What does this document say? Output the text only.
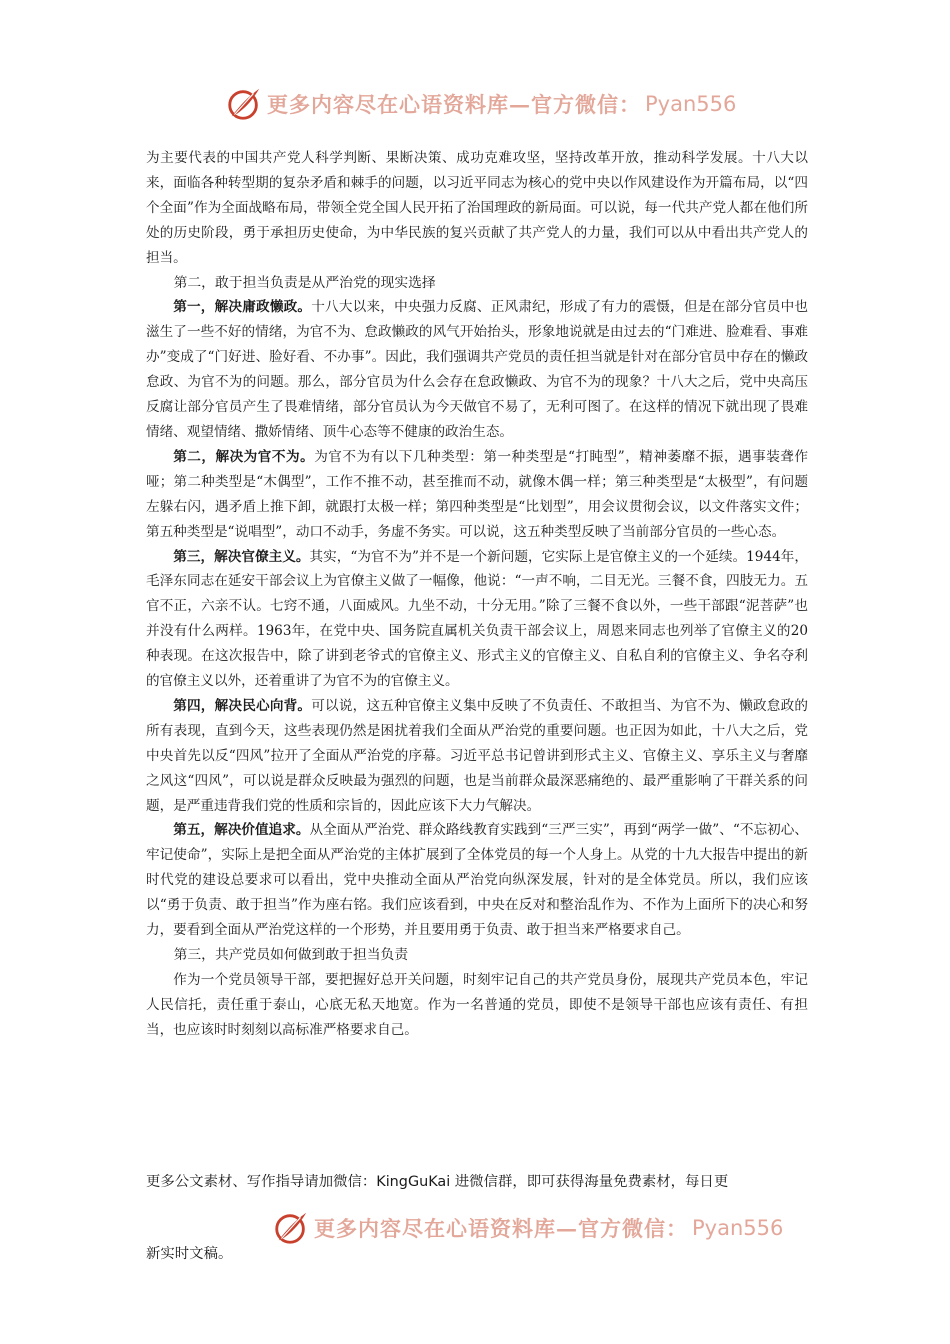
更多内容尽在心语资料库—官方微信： Pyan556

为主要代表的中国共产党人科学判断、果断决策、成功克难攻坚，坚持改革开放，推动科学发展。十八大以来，面临各种转型期的复杂矛盾和棘手的问题，以习近平同志为核心的党中央以作风建设作为开篇布局，以“四个全面”作为全面战略布局，带领全党全国人民开拓了治国理政的新局面。可以说，每一代共产党人都在他们所处的历史阶段，勇于承担历史使命，为中华民族的复兴贡献了共产党人的力量，我们可以从中看出共产党人的担当。

第二，敢于担当负责是从严治党的现实选择

第一，解决庸政懒政。十八大以来，中央强力反腐、正风肃纪，形成了有力的震慑，但是在部分官员中也滋生了一些不好的情绪，为官不为、怠政懒政的风气开始抬头，形象地说就是由过去的“门难进、脸难看、事难办”变成了“门好进、脸好看、不办事”。因此，我们强调共产党员的责任担当就是针对在部分官员中存在的懒政怠政、为官不为的问题。那么，部分官员为什么会存在怠政懒政、为官不为的现象？十八大之后，党中央高压反腐让部分官员产生了畏难情绪，部分官员认为今天做官不易了，无利可图了。在这样的情况下就出现了畏难情绪、观望情绪、撒娇情绪、顶牛心态等不健康的政治生态。

第二，解决为官不为。为官不为有以下几种类型：第一种类型是“打盹型”，精神萎靡不振，遇事装聋作哑；第二种类型是“木偶型”，工作不推不动，甚至推而不动，就像木偶一样；第三种类型是“太极型”，有问题左躲右闪，遇矛盾上推下卸，就跟打太极一样；第四种类型是“比划型”，用会议贯彻会议，以文件落实文件；第五种类型是“说唱型”，动口不动手，务虚不务实。可以说，这五种类型反映了当前部分官员的一些心态。

第三，解决官僚主义。其实，“为官不为”并不是一个新问题，它实际上是官僚主义的一个延续。1944年，毛泽东同志在延安干部会议上为官僚主义做了一幅像，他说：“一声不响，二目无光。三餐不食，四肢无力。五官不正，六亲不认。七窍不通，八面威风。九坐不动，十分无用。”除了三餐不食以外，一些干部跟“泥菩萨”也并没有什么两样。1963年，在党中央、国务院直属机关负责干部会议上，周恩来同志也列举了官僚主义的20种表现。在这次报告中，除了讲到老爷式的官僚主义、形式主义的官僚主义、自私自利的官僚主义、争名夺利的官僚主义以外，还着重讲了为官不为的官僚主义。

第四，解决民心向背。可以说，这五种官僚主义集中反映了不负责任、不敢担当、为官不为、懒政怠政的所有表现，直到今天，这些表现仍然是困扰着我们全面从严治党的重要问题。也正因为如此，十八大之后，党中央首先以反“四风”拉开了全面从严治党的序幕。习近平总书记曾讲到形式主义、官僚主义、享乐主义与奢靡之风这“四风”，可以说是群众反映最为强烈的问题，也是当前群众最深恶痛绝的、最严重影响了干群关系的问题，是严重违背我们党的性质和宗旨的，因此应该下大力气解决。

第五，解决价值追求。从全面从严治党、群众路线教育实践到“三严三实”，再到“两学一做”、“不忘初心、牢记使命”，实际上是把全面从严治党的主体扩展到了全体党员的每一个人身上。从党的十九大报告中提出的新时代党的建设总要求可以看出，党中央推动全面从严治党向纵深发展，针对的是全体党员。所以，我们应该以“勇于负责、敢于担当”作为座右铭。我们应该看到，中央在反对和整治乱作为、不作为上面所下的决心和努力，要看到全面从严治党这样的一个形势，并且要用勇于负责、敢于担当来严格要求自己。

第三，共产党员如何做到敢于担当负责

作为一个党员领导干部，要把握好总开关问题，时刻牢记自己的共产党员身份，展现共产党员本色，牢记人民信托，责任重于泰山，心底无私天地宽。作为一名普通的党员，即使不是领导干部也应该有责任、有担当，也应该时时刻刻以高标准严格要求自己。

更多公文素材、写作指导请加微信：KingGuKai 进微信群，即可获得海量免费素材，每日更
更多内容尽在心语资料库—官方微信： Pyan556
新实时文稿。
